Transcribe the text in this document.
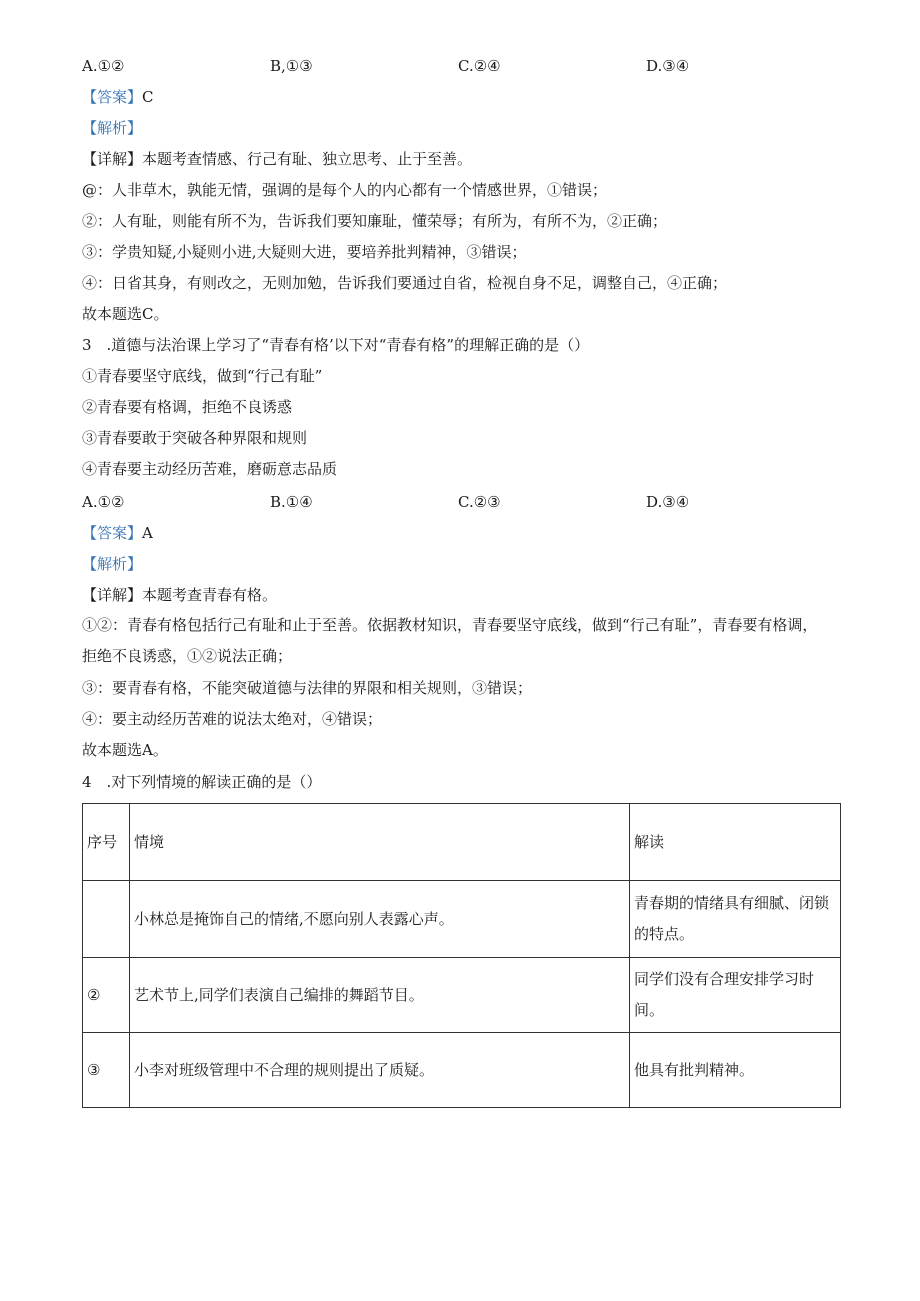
A.①②	B,①③	C.②④	D.③④
【答案】C
【解析】
【详解】本题考查情感、行己有耻、独立思考、止于至善。
@：人非草木，孰能无情，强调的是每个人的内心都有一个情感世界，①错误；
②：人有耻，则能有所不为，告诉我们要知廉耻，懂荣辱；有所为，有所不为，②正确；
③：学贵知疑,小疑则小进,大疑则大进，要培养批判精神，③错误；
④：日省其身，有则改之，无则加勉，告诉我们要通过自省，检视自身不足，调整自己，④正确；
故本题选C。
3　.道德与法治课上学习了“青春有格’以下对“青春有格”的理解正确的是（）
①青春要坚守底线，做到“行己有耻”
②青春要有格调，拒绝不良诱惑
③青春要敢于突破各种界限和规则
④青春要主动经历苦难，磨砺意志品质
A.①②	B.①④	C.②③	D.③④
【答案】A
【解析】
【详解】本题考查青春有格。
①②：青春有格包括行己有耻和止于至善。依据教材知识，青春要坚守底线，做到“行己有耻”，青春要有格调，拒绝不良诱惑，①②说法正确；
③：要青春有格，不能突破道德与法律的界限和相关规则，③错误；
④：要主动经历苦难的说法太绝对，④错误；
故本题选A。
4　.对下列情境的解读正确的是（）
序号	情境	解读
	小林总是掩饰自己的情绪,不愿向别人表露心声。	青春期的情绪具有细腻、闭锁的特点。
②	艺术节上,同学们表演自己编排的舞蹈节目。	同学们没有合理安排学习时间。
③	小李对班级管理中不合理的规则提出了质疑。	他具有批判精神。
